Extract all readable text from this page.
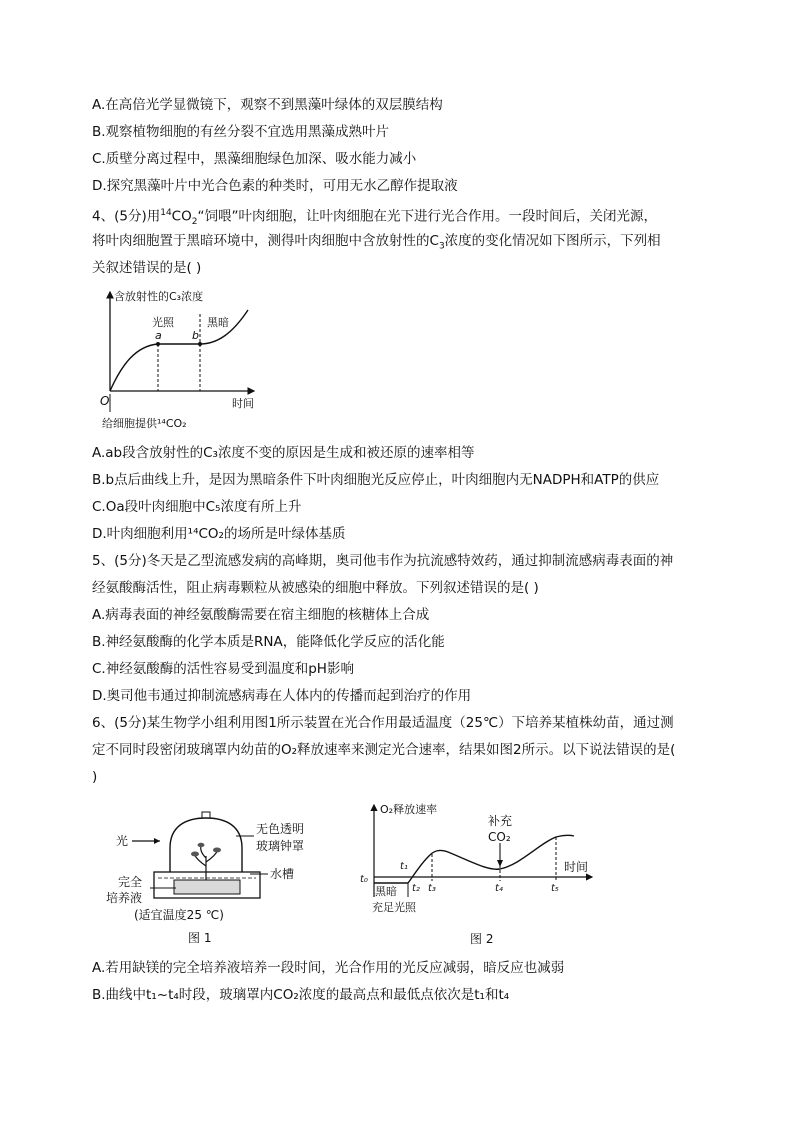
A.在高倍光学显微镜下，观察不到黑藻叶绿体的双层膜结构
B.观察植物细胞的有丝分裂不宜选用黑藻成熟叶片
C.质壁分离过程中，黑藻细胞绿色加深、吸水能力减小
D.探究黑藻叶片中光合色素的种类时，可用无水乙醇作提取液
4、(5分)用$^{14}CO_2“$饲喂”叶肉细胞，让叶肉细胞在光下进行光合作用。一段时间后，关闭光源，
将叶肉细胞置于黑暗环境中，测得叶肉细胞中含放射性的$C_3$浓度的变化情况如下图所示，下列相
关叙述错误的是( )
含放射性的C₃浓度
光照	黑暗
a	b
O	时间
给细胞提供¹⁴CO₂
A.ab段含放射性的C₃浓度不变的原因是生成和被还原的速率相等
B.b点后曲线上升，是因为黑暗条件下叶肉细胞光反应停止，叶肉细胞内无NADPH和ATP的供应
C.Oa段叶肉细胞中C₅浓度有所上升
D.叶肉细胞利用¹⁴CO₂的场所是叶绿体基质
5、(5分)冬天是乙型流感发病的高峰期，奥司他韦作为抗流感特效药，通过抑制流感病毒表面的神
经氨酸酶活性，阻止病毒颗粒从被感染的细胞中释放。下列叙述错误的是( )
A.病毒表面的神经氨酸酶需要在宿主细胞的核糖体上合成
B.神经氨酸酶的化学本质是RNA，能降低化学反应的活化能
C.神经氨酸酶的活性容易受到温度和pH影响
D.奥司他韦通过抑制流感病毒在人体内的传播而起到治疗的作用
6、(5分)某生物学小组利用图1所示装置在光合作用最适温度（25℃）下培养某植株幼苗，通过测
定不同时段密闭玻璃罩内幼苗的O₂释放速率来测定光合速率，结果如图2所示。以下说法错误的是(
)
光
无色透明
玻璃钟罩
水槽
完全
培养液
(适宜温度25 ℃)
图 1
O₂释放速率
t₀
黑暗
充足光照
t₁
t₂ t₃	t₄	t₅
补充
CO₂
时间
图 2
A.若用缺镁的完全培养液培养一段时间，光合作用的光反应减弱，暗反应也减弱
B.曲线中t₁~t₄时段，玻璃罩内CO₂浓度的最高点和最低点依次是t₁和t₄
